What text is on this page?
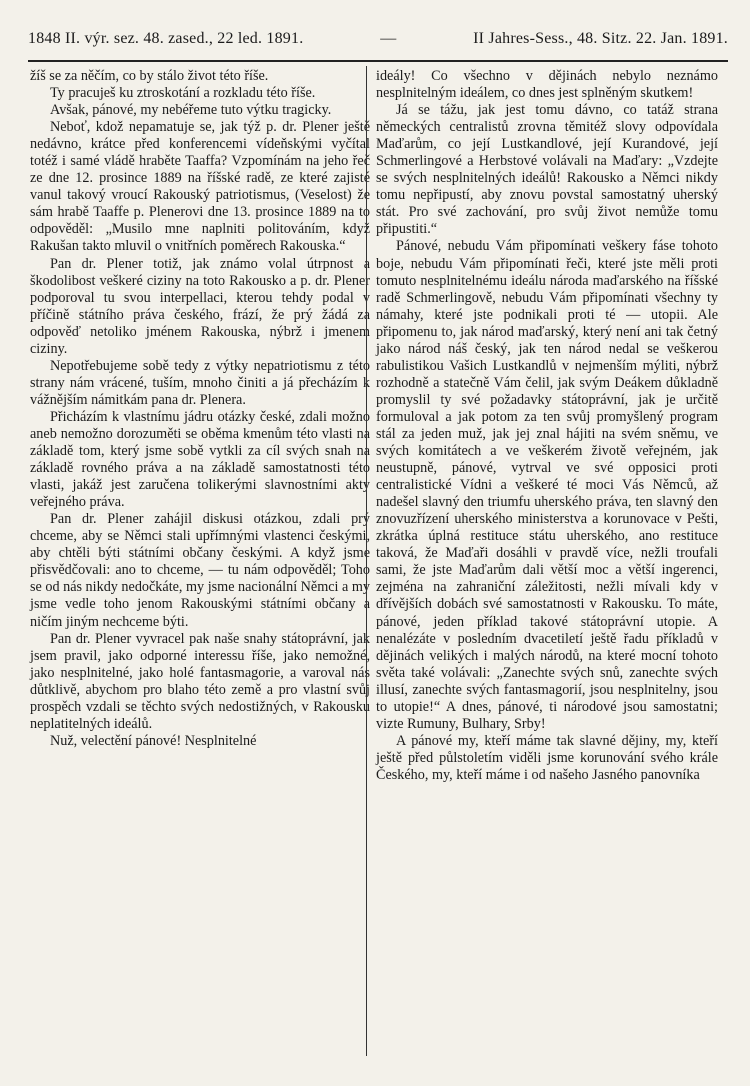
1848 II. výr. sez. 48. zased., 22 led. 1891.	—	II Jahres-Sess., 48. Sitz. 22. Jan. 1891.

žíš se za něčím, co by stálo život této říše.

Ty pracuješ ku ztroskotání a rozkladu této říše.

Avšak, pánové, my nebéřeme tuto výtku tragicky.

Neboť, kdož nepamatuje se, jak týž p. dr. Plener ještě nedávno, krátce před konferencemi vídeňskými vyčítal totéž i samé vládě hraběte Taaffa? Vzpomínám na jeho řeč ze dne 12. prosince 1889 na říšské radě, ze které zajisté vanul takový vroucí Rakouský patriotismus, (Veselost) že sám hrabě Taaffe p. Plenerovi dne 13. prosince 1889 na to odpověděl: „Musilo mne naplniti politováním, když Rakušan takto mluvil o vnitřních poměrech Rakouska.“

Pan dr. Plener totiž, jak známo volal útrpnost a škodolibost veškeré ciziny na toto Rakousko a p. dr. Plener podporoval tu svou interpellaci, kterou tehdy podal v příčině státního práva českého, frází, že prý žádá za odpověď netoliko jménem Rakouska, nýbrž i jmenem ciziny.

Nepotřebujeme sobě tedy z výtky nepatriotismu z této strany nám vrácené, tuším, mnoho činiti a já přecházím k vážnějším námitkám pana dr. Plenera.

Přicházím k vlastnímu jádru otázky české, zdali možno aneb nemožno dorozuměti se oběma kmenům této vlasti na základě tom, který jsme sobě vytkli za cíl svých snah na základě rovného práva a na základě samostatnosti této vlasti, jakáž jest zaručena tolikerými slavnostními akty veřejného práva.

Pan dr. Plener zahájil diskusi otázkou, zdali prý chceme, aby se Němci stali upřímnými vlastenci českými, aby chtěli býti státními občany českými. A když jsme přisvědčovali: ano to chceme, — tu nám odpověděl; Toho se od nás nikdy nedočkáte, my jsme nacionální Němci a my jsme vedle toho jenom Rakouskými státními občany a ničím jiným nechceme býti.

Pan dr. Plener vyvracel pak naše snahy státoprávní, jak jsem pravil, jako odporné interessu říše, jako nemožné, jako nesplnitelné, jako holé fantasmagorie, a varoval nás důtklivě, abychom pro blaho této země a pro vlastní svůj prospěch vzdali se těchto svých nedostižných, v Rakousku neplatitelných ideálů.

Nuž, velectění pánové! Nesplnitelné

ideály! Co všechno v dějinách nebylo neznámo nesplnitelným ideálem, co dnes jest splněným skutkem!

Já se tážu, jak jest tomu dávno, co tatáž strana německých centralistů zrovna těmitéž slovy odpovídala Maďarům, co její Lustkandlové, její Kurandové, její Schmerlingové a Herbstové volávali na Maďary: „Vzdejte se svých nesplnitelných ideálů! Rakousko a Němci nikdy tomu nepřipustí, aby znovu povstal samostatný uherský stát. Pro své zachování, pro svůj život nemůže tomu připustiti.“

Pánové, nebudu Vám připomínati veškery fáse tohoto boje, nebudu Vám připomínati řeči, které jste měli proti tomuto nesplnitelnému ideálu národa maďarského na říšské radě Schmerlingově, nebudu Vám připomínati všechny ty námahy, které jste podnikali proti té — utopii. Ale připomenu to, jak národ maďarský, který není ani tak četný jako národ náš český, jak ten národ nedal se veškerou rabulistikou Vašich Lustkandlů v nejmenším mýliti, nýbrž rozhodně a statečně Vám čelil, jak svým Deákem důkladně promyslil ty své požadavky státoprávní, jak je určitě formuloval a jak potom za ten svůj promyšlený program stál za jeden muž, jak jej znal hájiti na svém sněmu, ve svých komitátech a ve veškerém životě veřejném, jak neustupně, pánové, vytrval ve své opposici proti centralistické Vídni a veškeré té moci Vás Němců, až nadešel slavný den triumfu uherského práva, ten slavný den znovuzřízení uherského ministerstva a korunovace v Pešti, zkrátka úplná restituce státu uherského, ano restituce taková, že Maďaři dosáhli v pravdě více, nežli troufali sami, že jste Maďarům dali větší moc a větší ingerenci, zejména na zahraniční záležitosti, nežli mívali kdy v dřívějších dobách své samostatnosti v Rakousku. To máte, pánové, jeden příklad takové státoprávní utopie. A nenalézáte v posledním dvacetiletí ještě řadu příkladů v dějinách velikých i malých národů, na které mocní tohoto světa také volávali: „Zanechte svých snů, zanechte svých illusí, zanechte svých fantasmagorií, jsou nesplnitelny, jsou to utopie!“ A dnes, pánové, ti národové jsou samostatni; vizte Rumuny, Bulhary, Srby!

A pánové my, kteří máme tak slavné dějiny, my, kteří ještě před půlstoletím viděli jsme korunování svého krále Českého, my, kteří máme i od našeho Jasného panovníka
